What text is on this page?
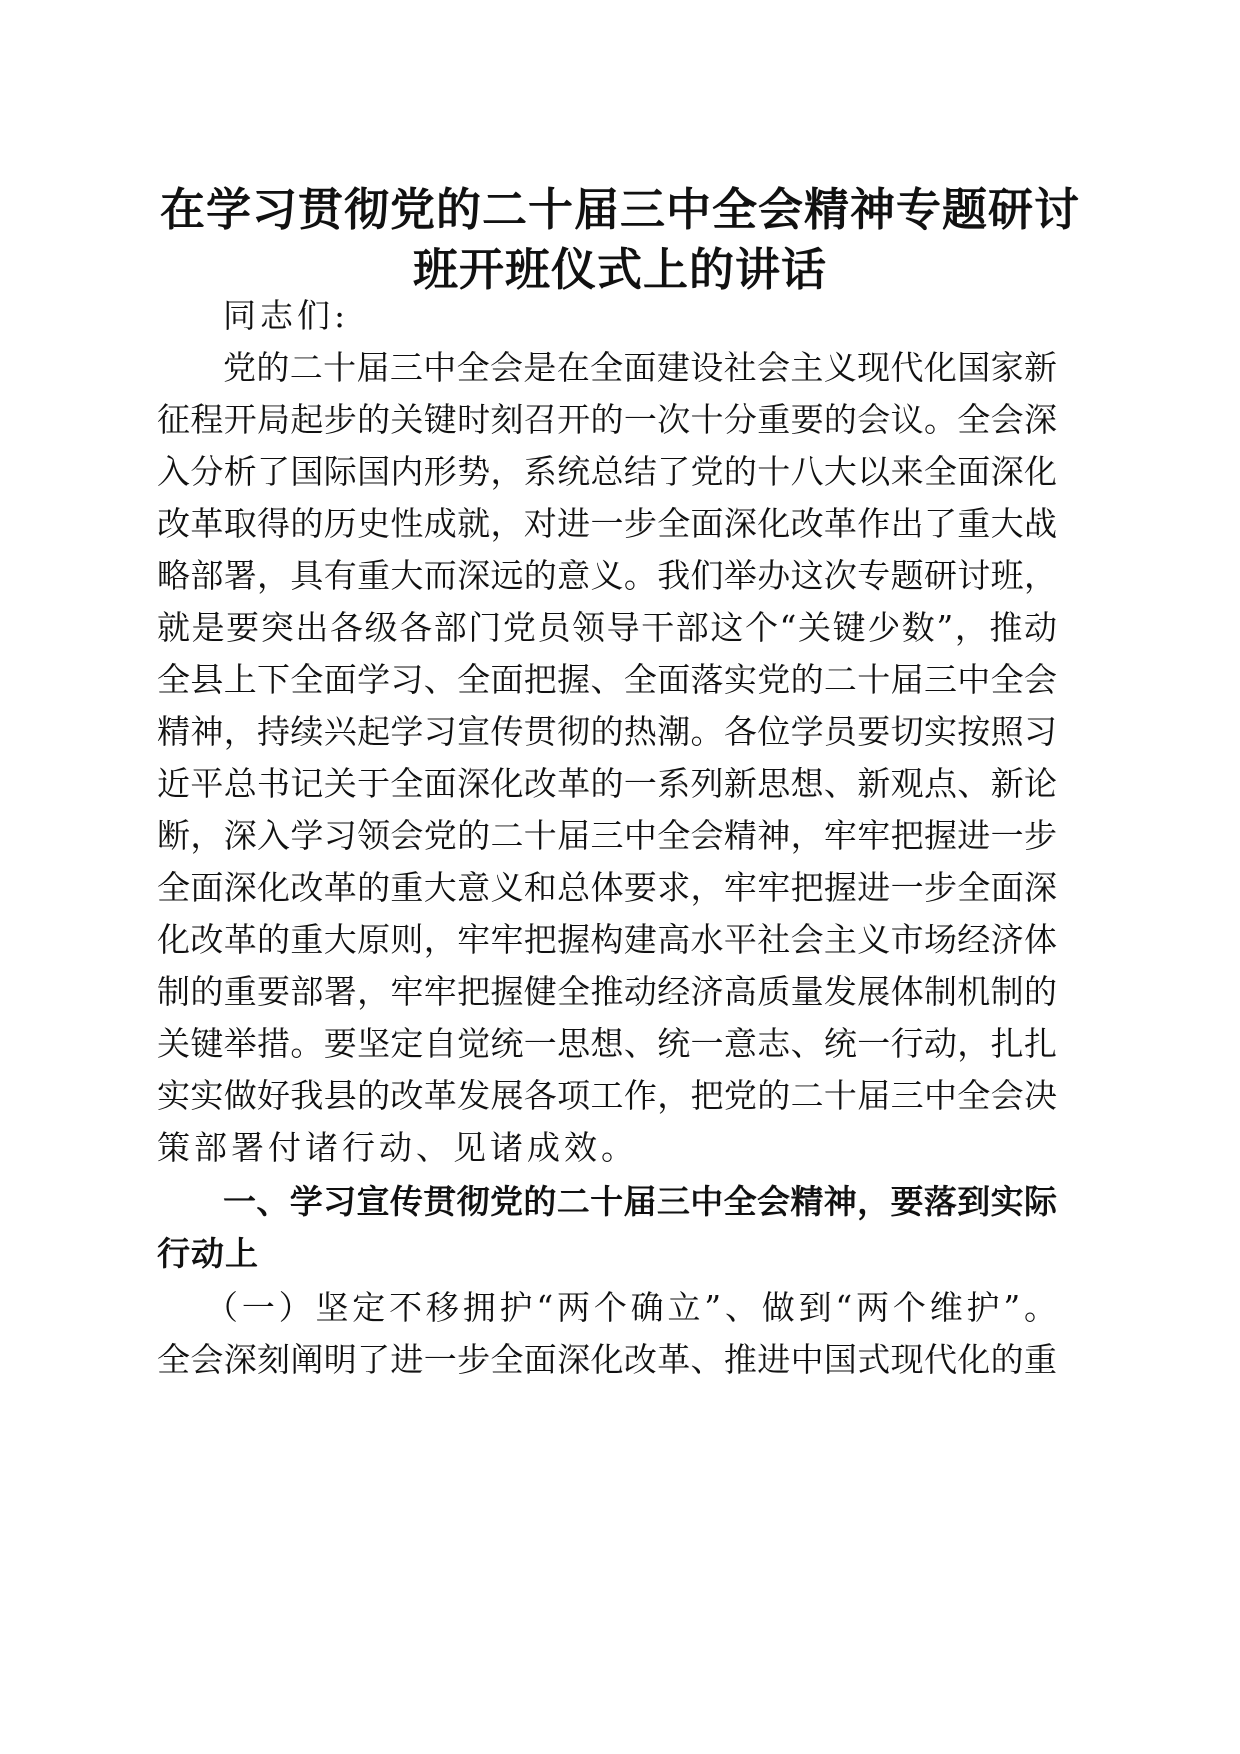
在学习贯彻党的二十届三中全会精神专题研讨
班开班仪式上的讲话
同志们:
党的二十届三中全会是在全面建设社会主义现代化国家新
征程开局起步的关键时刻召开的一次十分重要的会议。全会深
入分析了国际国内形势，系统总结了党的十八大以来全面深化
改革取得的历史性成就，对进一步全面深化改革作出了重大战
略部署，具有重大而深远的意义。我们举办这次专题研讨班，
就是要突出各级各部门党员领导干部这个“关键少数”，推动
全县上下全面学习、全面把握、全面落实党的二十届三中全会
精神，持续兴起学习宣传贯彻的热潮。各位学员要切实按照习
近平总书记关于全面深化改革的一系列新思想、新观点、新论
断，深入学习领会党的二十届三中全会精神，牢牢把握进一步
全面深化改革的重大意义和总体要求，牢牢把握进一步全面深
化改革的重大原则，牢牢把握构建高水平社会主义市场经济体
制的重要部署，牢牢把握健全推动经济高质量发展体制机制的
关键举措。要坚定自觉统一思想、统一意志、统一行动，扎扎
实实做好我县的改革发展各项工作，把党的二十届三中全会决
策部署付诸行动、见诸成效。
一、学习宣传贯彻党的二十届三中全会精神，要落到实际
行动上
（一）坚定不移拥护“两个确立”、做到“两个维护”。
全会深刻阐明了进一步全面深化改革、推进中国式现代化的重
